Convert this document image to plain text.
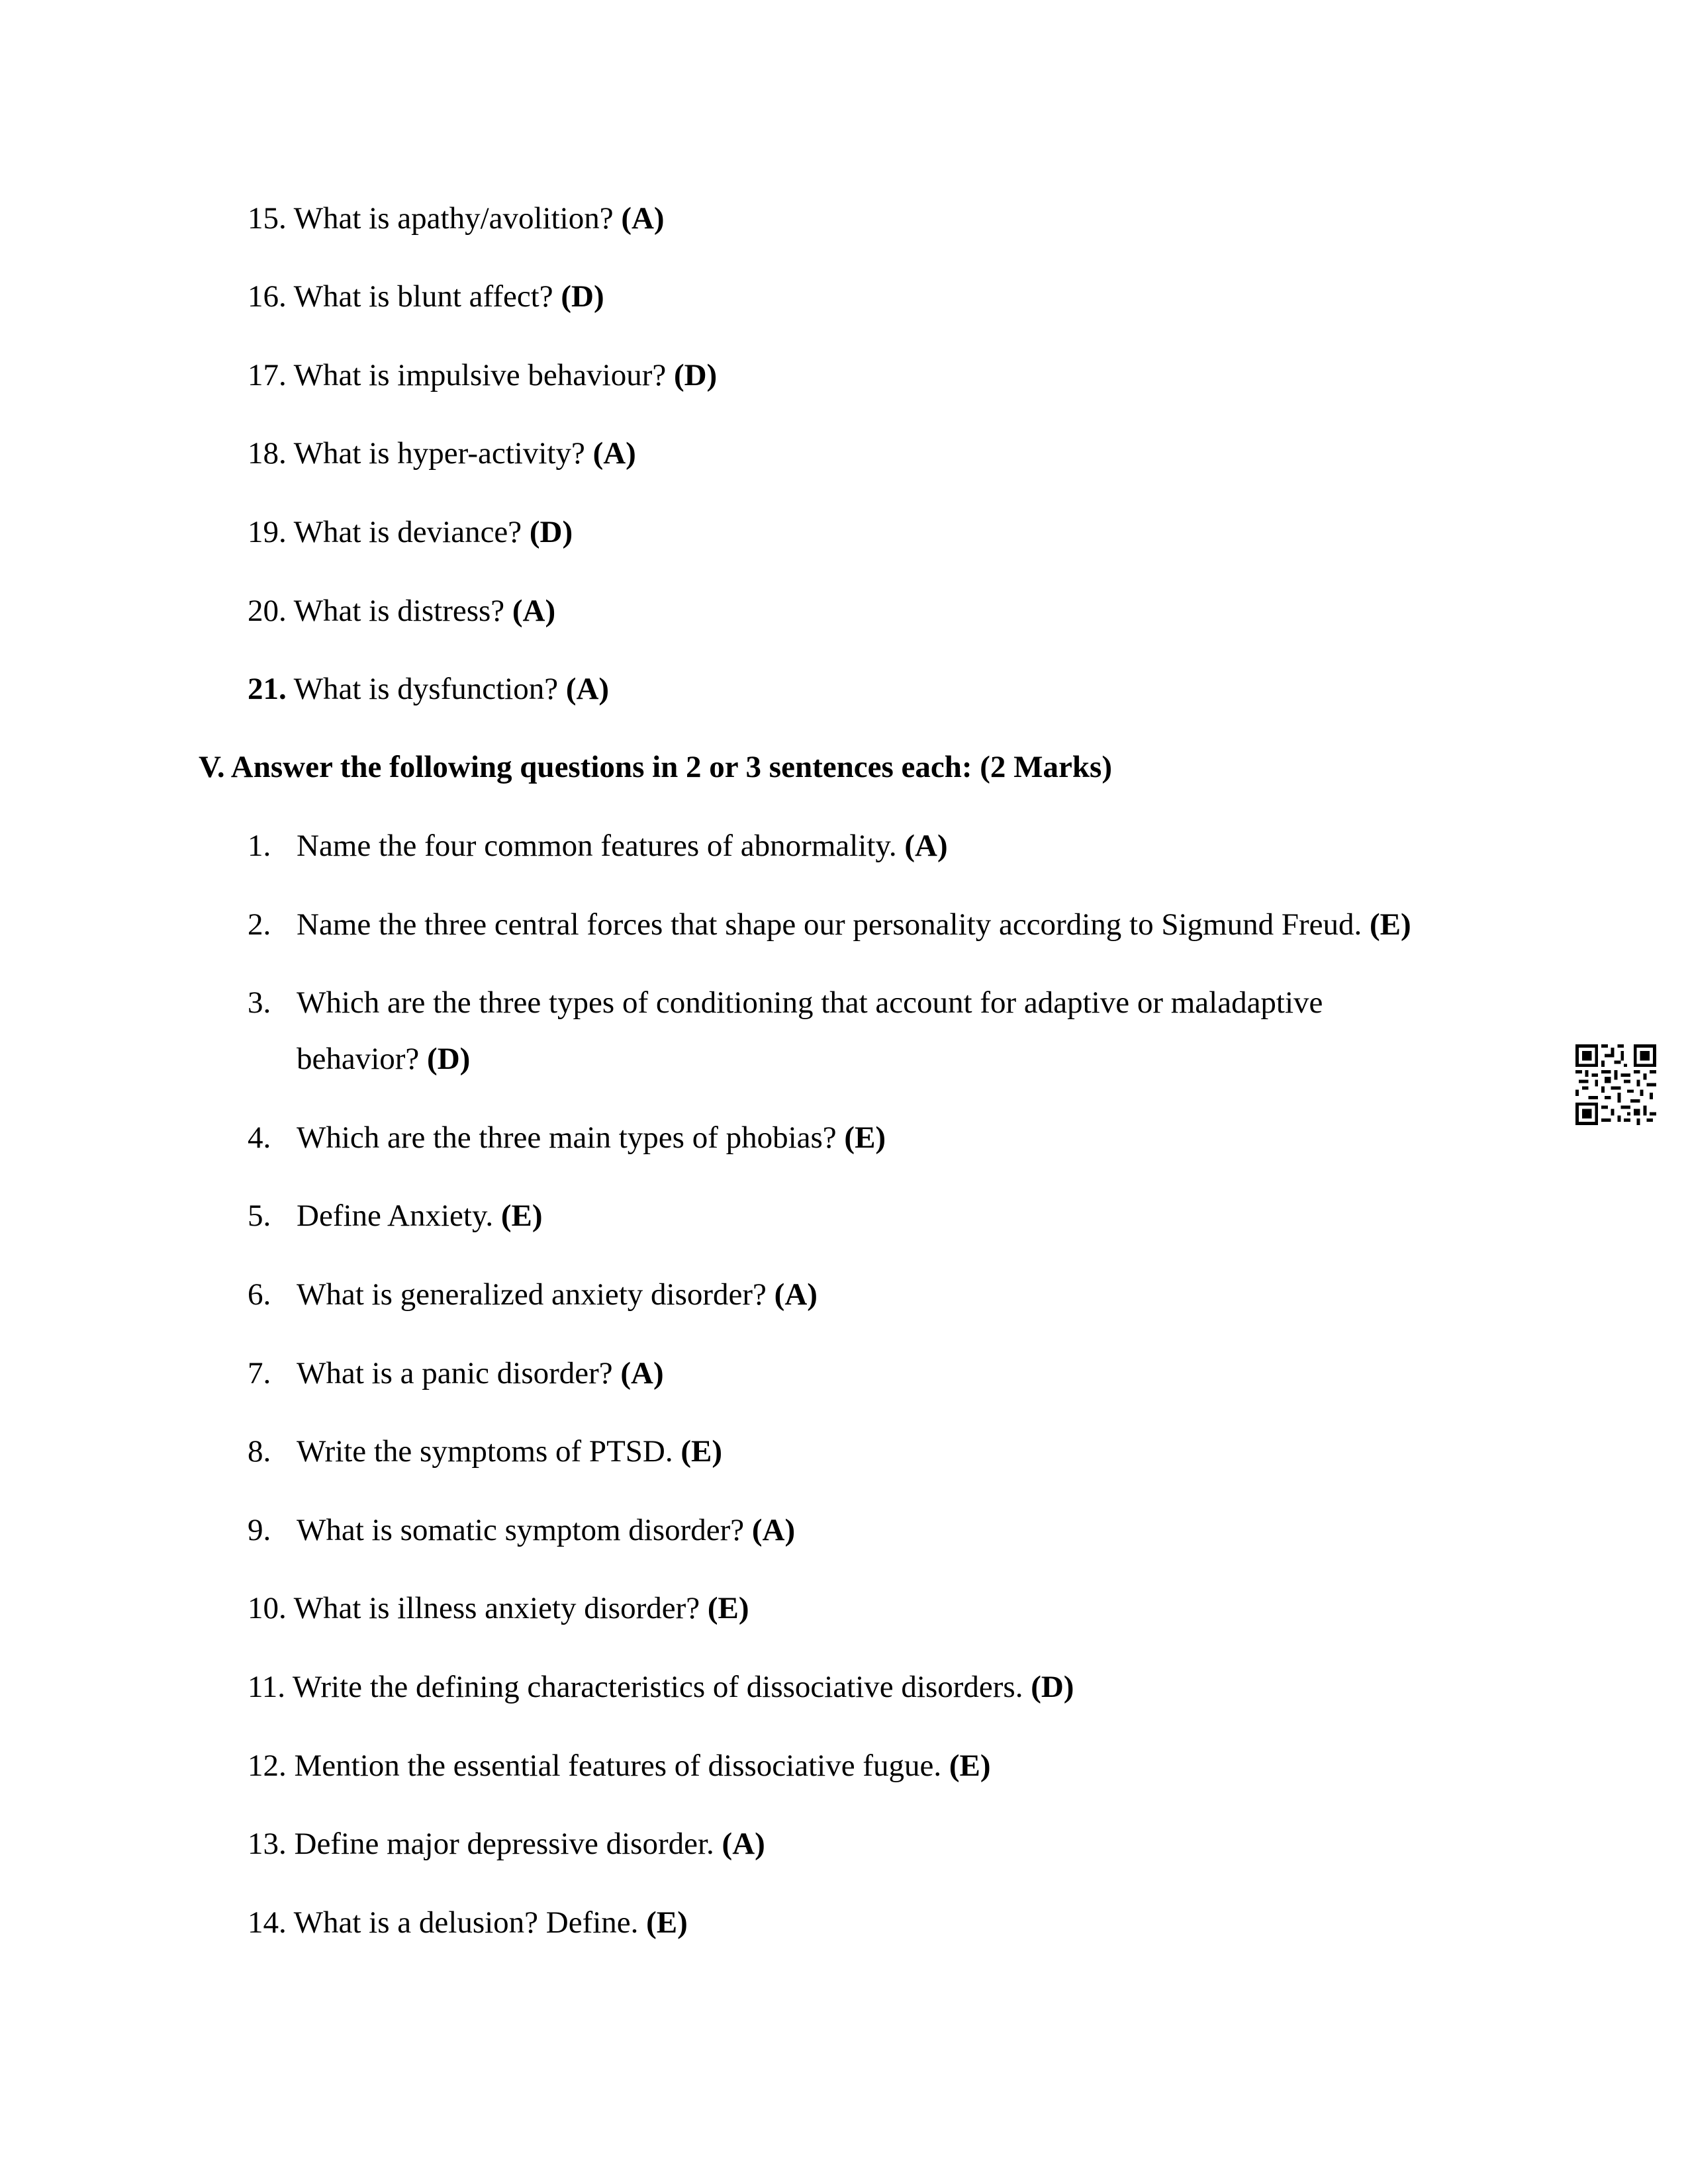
15. What is apathy/avolition? (A)
16. What is blunt affect? (D)
17. What is impulsive behaviour? (D)
18. What is hyper-activity? (A)
19. What is deviance? (D)
20. What is distress? (A)
21. What is dysfunction? (A)
V. Answer the following questions in 2 or 3 sentences each: (2 Marks)
1. Name the four common features of abnormality. (A)
2. Name the three central forces that shape our personality according to Sigmund Freud. (E)
3. Which are the three types of conditioning that account for adaptive or maladaptive
behavior? (D)
4. Which are the three main types of phobias? (E)
5. Define Anxiety. (E)
6. What is generalized anxiety disorder? (A)
7. What is a panic disorder? (A)
8. Write the symptoms of PTSD. (E)
9. What is somatic symptom disorder? (A)
10. What is illness anxiety disorder? (E)
11. Write the defining characteristics of dissociative disorders. (D)
12. Mention the essential features of dissociative fugue. (E)
13. Define major depressive disorder. (A)
14. What is a delusion? Define. (E)
